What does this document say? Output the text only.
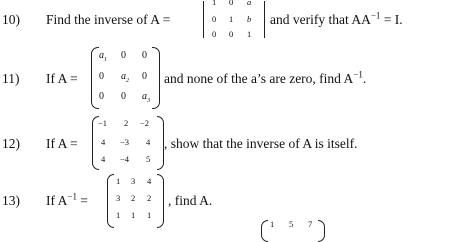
10) Find the inverse of A =
1 0 a
0 1 b
0 0 1
and verify that $AA^{-1} = I$.
11) If A =
$a_1$ 0 0
0 $a_2$ 0
0 0 $a_3$
and none of the a’s are zero, find $A^{-1}$.
12) If A =
−1 2 −2
4 −3 4
4 −4 5
, show that the inverse of A is itself.
13) If $A^{-1}$ =
1 3 4
3 2 2
1 1 1
, find A.
1 5 7
